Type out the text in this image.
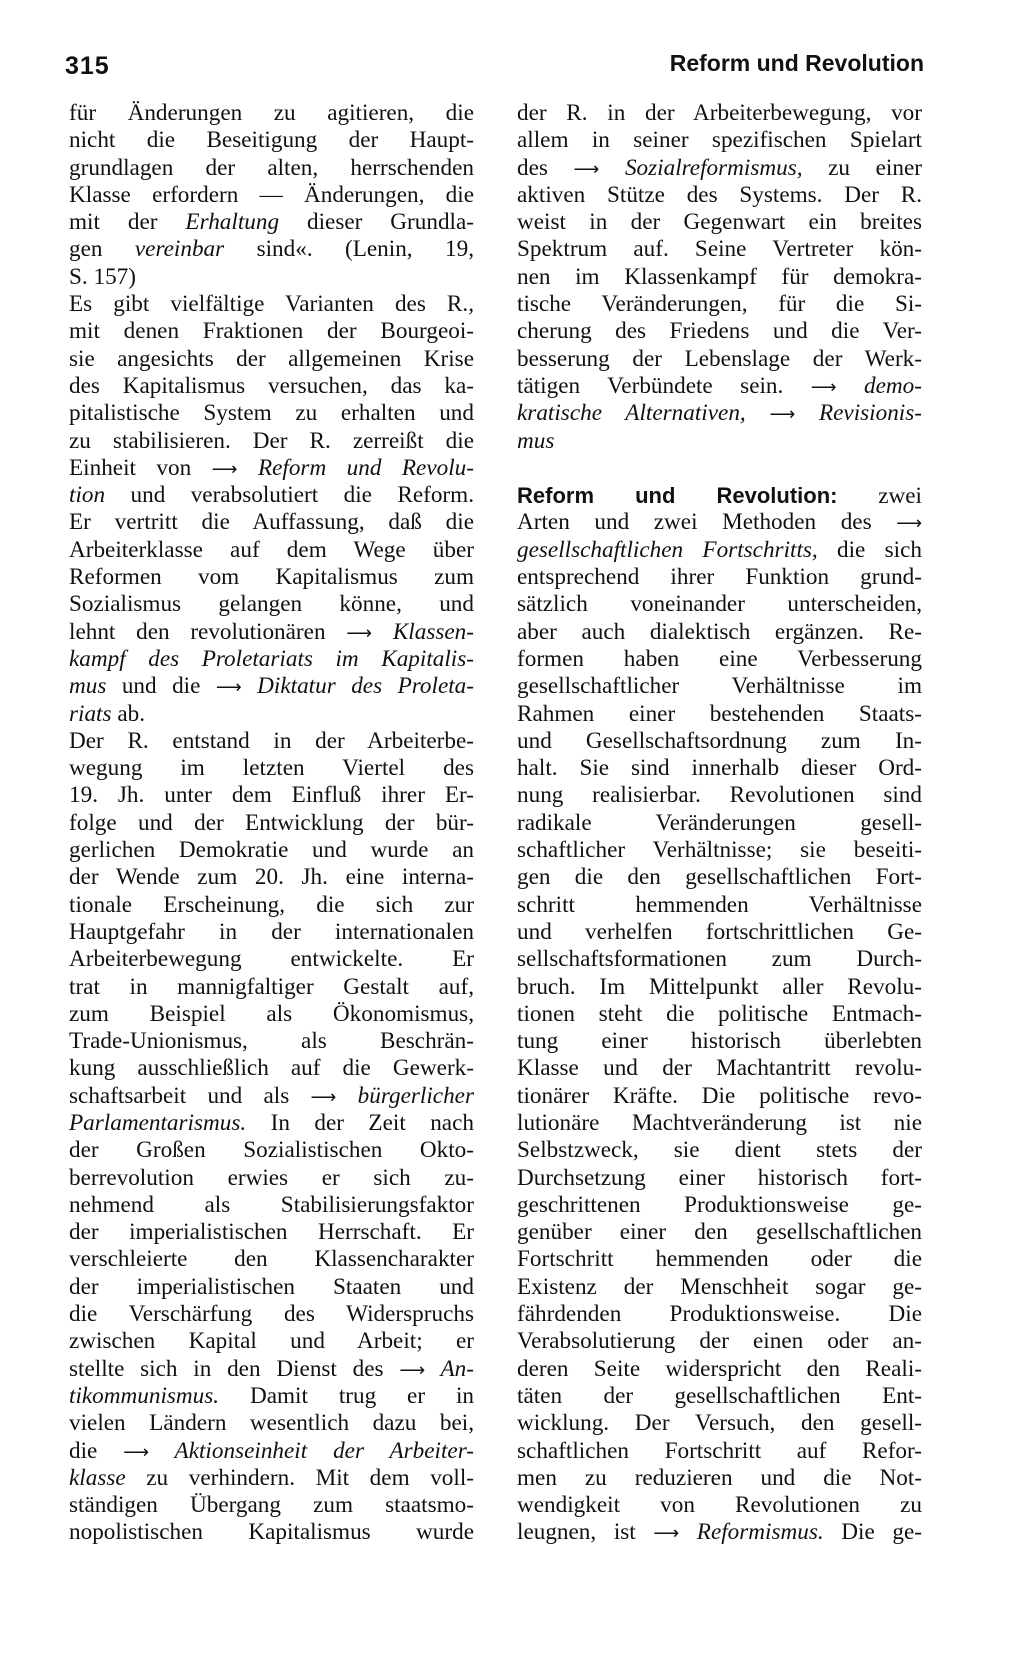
315	Reform und Revolution
für Änderungen zu agitieren, die
nicht die Beseitigung der Haupt-
grundlagen der alten, herrschenden
Klasse erfordern — Änderungen, die
mit der Erhaltung dieser Grundla-
gen vereinbar sind«. (Lenin, 19,
S. 157)
Es gibt vielfältige Varianten des R.,
mit denen Fraktionen der Bourgeoi-
sie angesichts der allgemeinen Krise
des Kapitalismus versuchen, das ka-
pitalistische System zu erhalten und
zu stabilisieren. Der R. zerreißt die
Einheit von ⟶ Reform und Revolu-
tion und verabsolutiert die Reform.
Er vertritt die Auffassung, daß die
Arbeiterklasse auf dem Wege über
Reformen vom Kapitalismus zum
Sozialismus gelangen könne, und
lehnt den revolutionären ⟶ Klassen-
kampf des Proletariats im Kapitalis-
mus und die ⟶ Diktatur des Proleta-
riats ab.
Der R. entstand in der Arbeiterbe-
wegung im letzten Viertel des
19. Jh. unter dem Einfluß ihrer Er-
folge und der Entwicklung der bür-
gerlichen Demokratie und wurde an
der Wende zum 20. Jh. eine interna-
tionale Erscheinung, die sich zur
Hauptgefahr in der internationalen
Arbeiterbewegung entwickelte. Er
trat in mannigfaltiger Gestalt auf,
zum Beispiel als Ökonomismus,
Trade-Unionismus, als Beschrän-
kung ausschließlich auf die Gewerk-
schaftsarbeit und als ⟶ bürgerlicher
Parlamentarismus. In der Zeit nach
der Großen Sozialistischen Okto-
berrevolution erwies er sich zu-
nehmend als Stabilisierungsfaktor
der imperialistischen Herrschaft. Er
verschleierte den Klassencharakter
der imperialistischen Staaten und
die Verschärfung des Widerspruchs
zwischen Kapital und Arbeit; er
stellte sich in den Dienst des ⟶ An-
tikommunismus. Damit trug er in
vielen Ländern wesentlich dazu bei,
die ⟶ Aktionseinheit der Arbeiter-
klasse zu verhindern. Mit dem voll-
ständigen Übergang zum staatsmo-
nopolistischen Kapitalismus wurde
der R. in der Arbeiterbewegung, vor
allem in seiner spezifischen Spielart
des ⟶ Sozialreformismus, zu einer
aktiven Stütze des Systems. Der R.
weist in der Gegenwart ein breites
Spektrum auf. Seine Vertreter kön-
nen im Klassenkampf für demokra-
tische Veränderungen, für die Si-
cherung des Friedens und die Ver-
besserung der Lebenslage der Werk-
tätigen Verbündete sein. ⟶ demo-
kratische Alternativen, ⟶ Revisionis-
mus
Reform und Revolution: zwei
Arten und zwei Methoden des ⟶
gesellschaftlichen Fortschritts, die sich
entsprechend ihrer Funktion grund-
sätzlich voneinander unterscheiden,
aber auch dialektisch ergänzen. Re-
formen haben eine Verbesserung
gesellschaftlicher Verhältnisse im
Rahmen einer bestehenden Staats-
und Gesellschaftsordnung zum In-
halt. Sie sind innerhalb dieser Ord-
nung realisierbar. Revolutionen sind
radikale Veränderungen gesell-
schaftlicher Verhältnisse; sie beseiti-
gen die den gesellschaftlichen Fort-
schritt hemmenden Verhältnisse
und verhelfen fortschrittlichen Ge-
sellschaftsformationen zum Durch-
bruch. Im Mittelpunkt aller Revolu-
tionen steht die politische Entmach-
tung einer historisch überlebten
Klasse und der Machtantritt revolu-
tionärer Kräfte. Die politische revo-
lutionäre Machtveränderung ist nie
Selbstzweck, sie dient stets der
Durchsetzung einer historisch fort-
geschrittenen Produktionsweise ge-
genüber einer den gesellschaftlichen
Fortschritt hemmenden oder die
Existenz der Menschheit sogar ge-
fährdenden Produktionsweise. Die
Verabsolutierung der einen oder an-
deren Seite widerspricht den Reali-
täten der gesellschaftlichen Ent-
wicklung. Der Versuch, den gesell-
schaftlichen Fortschritt auf Refor-
men zu reduzieren und die Not-
wendigkeit von Revolutionen zu
leugnen, ist ⟶ Reformismus. Die ge-
